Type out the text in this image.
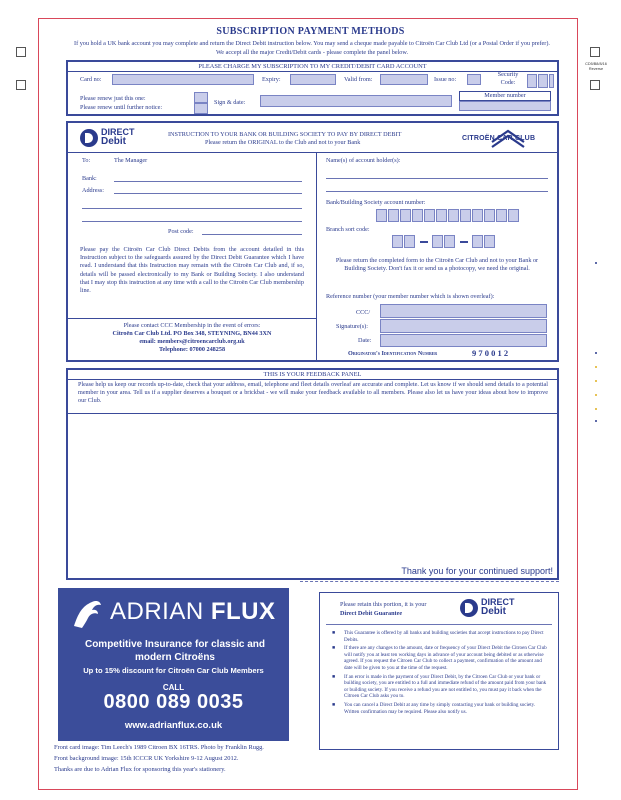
CD5/B8/8/16 Reverse
SUBSCRIPTION PAYMENT METHODS
If you hold a UK bank account you may complete and return the Direct Debit instruction below. You may send a cheque made payable to Citroën Car Club Ltd (or a Postal Order if you prefer). We accept all the major Credit/Debit cards - please complete the panel below.
PLEASE CHARGE MY SUBSCRIPTION TO MY CREDIT/DEBIT CARD ACCOUNT
Card no:	Expiry:	Valid from:	Issue no:
Security Code:
Please renew just this one:
Please renew until further notice:
Sign & date:
Member number
DIRECT
Debit
INSTRUCTION TO YOUR BANK OR BUILDING SOCIETY TO PAY BY DIRECT DEBIT
Please return the ORIGINAL to the Club and not to your Bank
CITROËN CAR CLUB
To:	The Manager
Bank:
Address:
Post code:
Please pay the Citroën Car Club Direct Debits from the account detailed in this Instruction subject to the safeguards assured by the Direct Debit Guarantee which I have read. I understand that this Instruction may remain with the Citroën Car Club and, if so, details will be passed electronically to my Bank or Building Society. I also understand that I may stop this instruction at any time with a call to the Citroën Car Club membership line.
Please contact CCC Membership in the event of errors:
Citroën Car Club Ltd. PO Box 348, STEYNING, BN44 3XN
email: members@citroencarclub.org.uk
Telephone: 07000 248258
Name(s) of account holder(s):
Bank/Building Society account number:
Branch sort code:
Please return the completed form to the Citroën Car Club and not to your Bank or Building Society. Don't fax it or send us a photocopy, we need the original.
Reference number (your member number which is shown overleaf):
CCC/
Signature(s):
Date:
Originator's Identification Number	9 7 0 0 1 2
THIS IS YOUR FEEDBACK PANEL
Please help us keep our records up-to-date, check that your address, email, telephone and fleet details overleaf are accurate and complete. Let us know if we should send details to a potential member in your area. Tell us if a supplier deserves a bouquet or a brickbat - we will make your feedback available to all members. Please also let us have your ideas about how to improve our Club.
Thank you for your continued support!
ADRIAN FLUX
Competitive Insurance for classic and modern Citroëns
Up to 15% discount for Citroën Car Club Members
CALL
0800 089 0035
www.adrianflux.co.uk
Front card image: Tim Leech's 1989 Citroen BX 16TRS. Photo by Franklin Rugg.
Front background image: 15th ICCCR UK Yorkshire 9-12 August 2012.
Thanks are due to Adrian Flux for sponsoring this year's stationery.
Please retain this portion, it is your
Direct Debit Guarantee
DIRECT
Debit
■ This Guarantee is offered by all banks and building societies that accept instructions to pay Direct Debits.
■ If there are any changes to the amount, date or frequency of your Direct Debit the Citroen Car Club will notify you at least ten working days in advance of your account being debited or as otherwise agreed. If you request the Citroen Car Club to collect a payment, confirmation of the amount and date will be given to you at the time of the request.
■ If an error is made in the payment of your Direct Debit, by the Citroen Car Club or your bank or building society, you are entitled to a full and immediate refund of the amount paid from your bank or building society. If you receive a refund you are not entitled to, you must pay it back when the Citroen Car Club asks you to.
■ You can cancel a Direct Debit at any time by simply contacting your bank or building society. Written confirmation may be required. Please also notify us.
